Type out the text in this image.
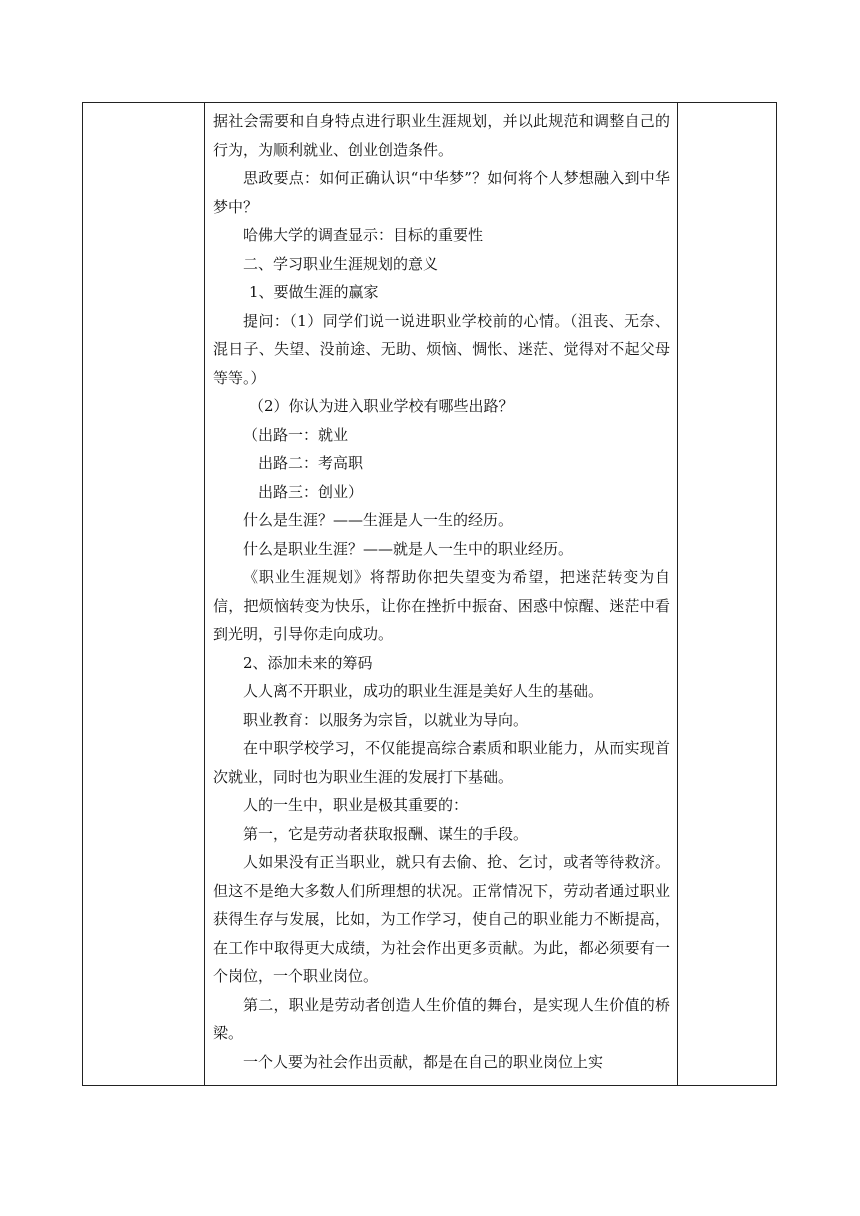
据社会需要和自身特点进行职业生涯规划，并以此规范和调整自己的行为，为顺利就业、创业创造条件。

思政要点：如何正确认识“中华梦”？如何将个人梦想融入到中华梦中？

哈佛大学的调查显示：目标的重要性

二、学习职业生涯规划的意义

1、要做生涯的赢家

提问：（1）同学们说一说进职业学校前的心情。（沮丧、无奈、混日子、失望、没前途、无助、烦恼、惆怅、迷茫、觉得对不起父母等等。）

（2）你认为进入职业学校有哪些出路？

（出路一：就业

出路二：考高职

出路三：创业）

什么是生涯？——生涯是人一生的经历。

什么是职业生涯？——就是人一生中的职业经历。

《职业生涯规划》将帮助你把失望变为希望，把迷茫转变为自信，把烦恼转变为快乐，让你在挫折中振奋、困惑中惊醒、迷茫中看到光明，引导你走向成功。

2、添加未来的筹码

人人离不开职业，成功的职业生涯是美好人生的基础。

职业教育：以服务为宗旨，以就业为导向。

在中职学校学习，不仅能提高综合素质和职业能力，从而实现首次就业，同时也为职业生涯的发展打下基础。

人的一生中，职业是极其重要的：

第一，它是劳动者获取报酬、谋生的手段。

人如果没有正当职业，就只有去偷、抢、乞讨，或者等待救济。但这不是绝大多数人们所理想的状况。正常情况下，劳动者通过职业获得生存与发展，比如，为工作学习，使自己的职业能力不断提高，在工作中取得更大成绩，为社会作出更多贡献。为此，都必须要有一个岗位，一个职业岗位。

第二，职业是劳动者创造人生价值的舞台，是实现人生价值的桥梁。

一个人要为社会作出贡献，都是在自己的职业岗位上实
